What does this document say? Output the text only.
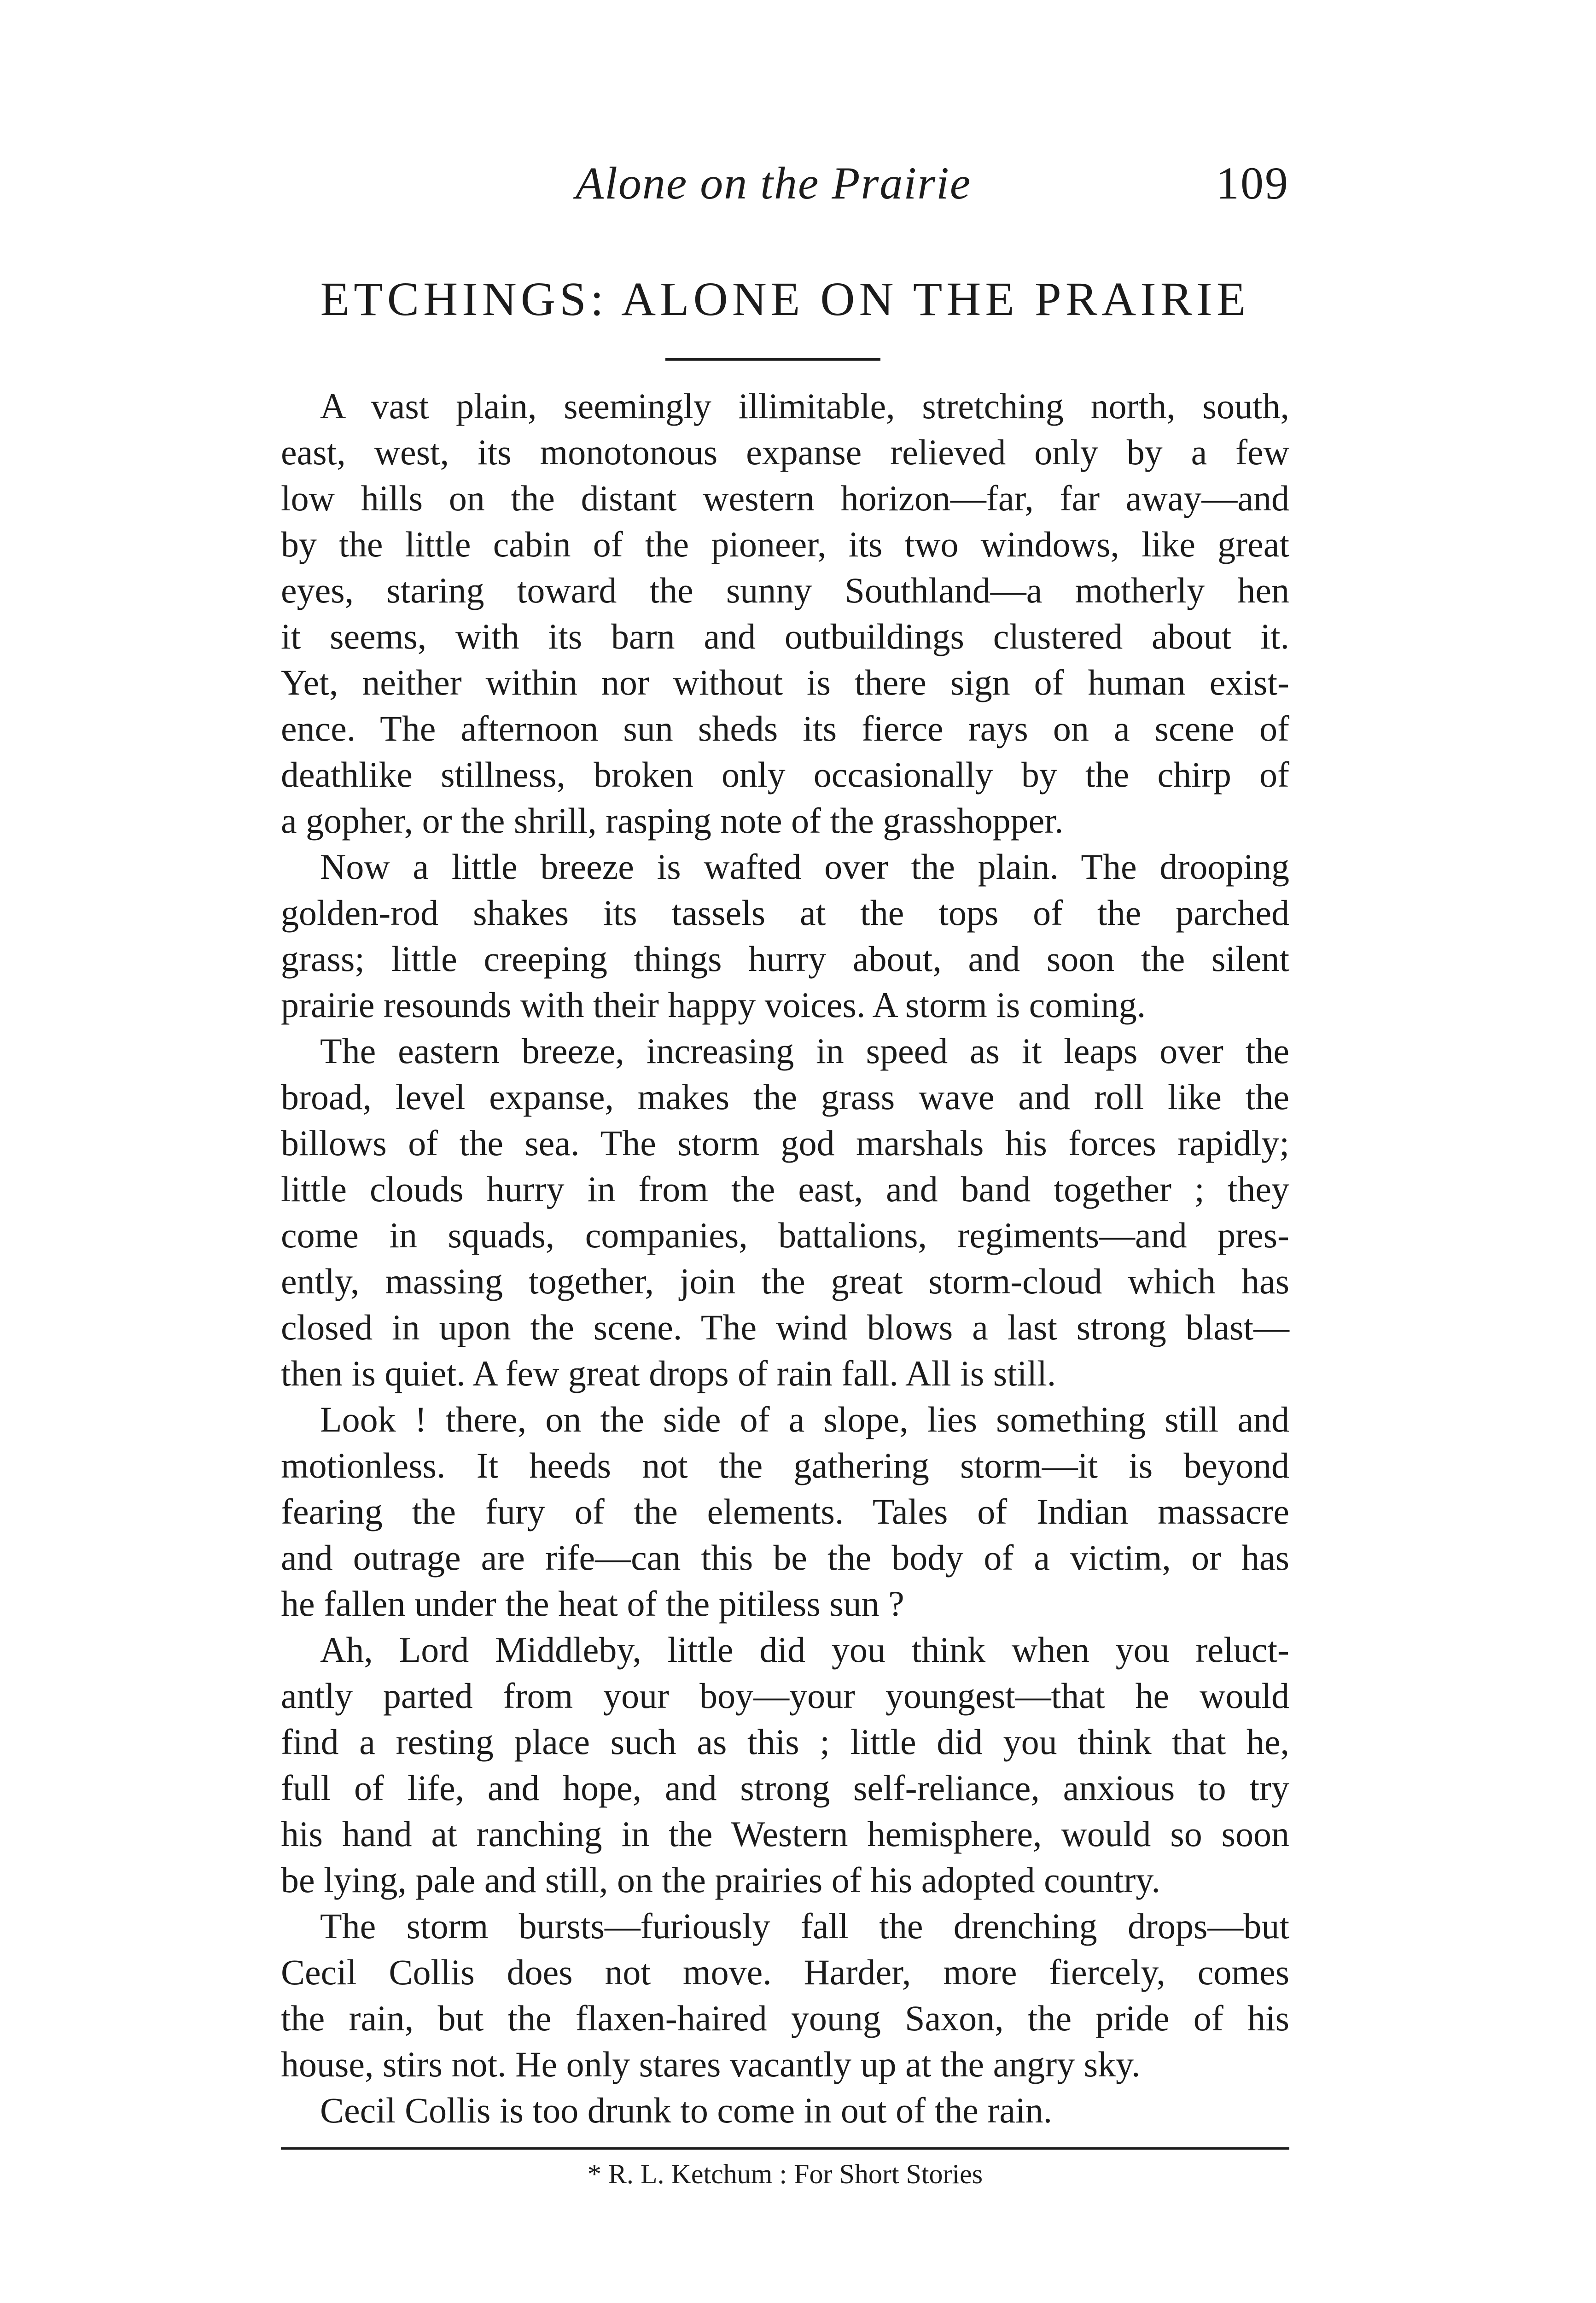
Alone on the Prairie	109
ETCHINGS: ALONE ON THE PRAIRIE
A vast plain, seemingly illimitable, stretching north, south,
east, west, its monotonous expanse relieved only by a few
low hills on the distant western horizon—far, far away—and
by the little cabin of the pioneer, its two windows, like great
eyes, staring toward the sunny Southland—a motherly hen
it seems, with its barn and outbuildings clustered about it.
Yet, neither within nor without is there sign of human exist-
ence. The afternoon sun sheds its fierce rays on a scene of
deathlike stillness, broken only occasionally by the chirp of
a gopher, or the shrill, rasping note of the grasshopper.
Now a little breeze is wafted over the plain. The drooping
golden-rod shakes its tassels at the tops of the parched
grass; little creeping things hurry about, and soon the silent
prairie resounds with their happy voices. A storm is coming.
The eastern breeze, increasing in speed as it leaps over the
broad, level expanse, makes the grass wave and roll like the
billows of the sea. The storm god marshals his forces rapidly;
little clouds hurry in from the east, and band together ; they
come in squads, companies, battalions, regiments—and pres-
ently, massing together, join the great storm-cloud which has
closed in upon the scene. The wind blows a last strong blast—
then is quiet. A few great drops of rain fall. All is still.
Look ! there, on the side of a slope, lies something still and
motionless. It heeds not the gathering storm—it is beyond
fearing the fury of the elements. Tales of Indian massacre
and outrage are rife—can this be the body of a victim, or has
he fallen under the heat of the pitiless sun ?
Ah, Lord Middleby, little did you think when you reluct-
antly parted from your boy—your youngest—that he would
find a resting place such as this ; little did you think that he,
full of life, and hope, and strong self-reliance, anxious to try
his hand at ranching in the Western hemisphere, would so soon
be lying, pale and still, on the prairies of his adopted country.
The storm bursts—furiously fall the drenching drops—but
Cecil Collis does not move. Harder, more fiercely, comes
the rain, but the flaxen-haired young Saxon, the pride of his
house, stirs not. He only stares vacantly up at the angry sky.
Cecil Collis is too drunk to come in out of the rain.
* R. L. Ketchum : For Short Stories
